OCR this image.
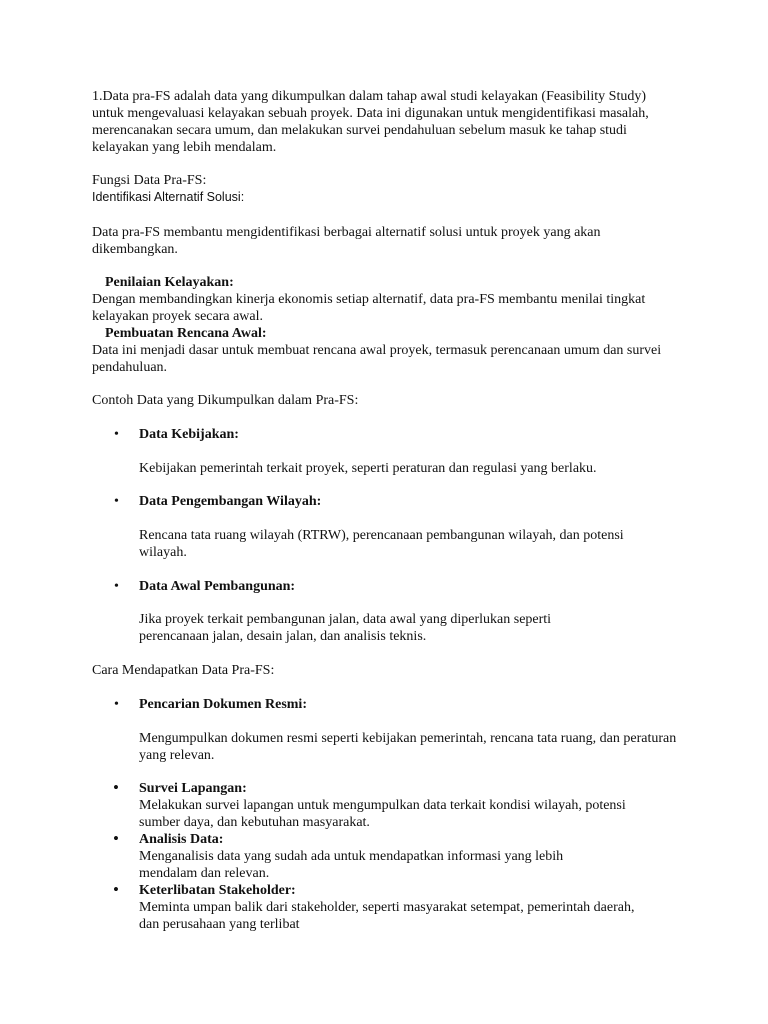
1.Data pra-FS adalah data yang dikumpulkan dalam tahap awal studi kelayakan (Feasibility Study) untuk mengevaluasi kelayakan sebuah proyek. Data ini digunakan untuk mengidentifikasi masalah, merencanakan secara umum, dan melakukan survei pendahuluan sebelum masuk ke tahap studi kelayakan yang lebih mendalam.

Fungsi Data Pra-FS:

Identifikasi Alternatif Solusi:

Data pra-FS membantu mengidentifikasi berbagai alternatif solusi untuk proyek yang akan dikembangkan.

Penilaian Kelayakan:

Dengan membandingkan kinerja ekonomis setiap alternatif, data pra-FS membantu menilai tingkat kelayakan proyek secara awal.

Pembuatan Rencana Awal:

Data ini menjadi dasar untuk membuat rencana awal proyek, termasuk perencanaan umum dan survei pendahuluan.

Contoh Data yang Dikumpulkan dalam Pra-FS:

• Data Kebijakan:
Kebijakan pemerintah terkait proyek, seperti peraturan dan regulasi yang berlaku.
• Data Pengembangan Wilayah:
Rencana tata ruang wilayah (RTRW), perencanaan pembangunan wilayah, dan potensi wilayah.
• Data Awal Pembangunan:
Jika proyek terkait pembangunan jalan, data awal yang diperlukan seperti perencanaan jalan, desain jalan, dan analisis teknis.

Cara Mendapatkan Data Pra-FS:

• Pencarian Dokumen Resmi:
Mengumpulkan dokumen resmi seperti kebijakan pemerintah, rencana tata ruang, dan peraturan yang relevan.
• Survei Lapangan:
Melakukan survei lapangan untuk mengumpulkan data terkait kondisi wilayah, potensi sumber daya, dan kebutuhan masyarakat.
• Analisis Data:
Menganalisis data yang sudah ada untuk mendapatkan informasi yang lebih mendalam dan relevan.
• Keterlibatan Stakeholder:
Meminta umpan balik dari stakeholder, seperti masyarakat setempat, pemerintah daerah, dan perusahaan yang terlibat
